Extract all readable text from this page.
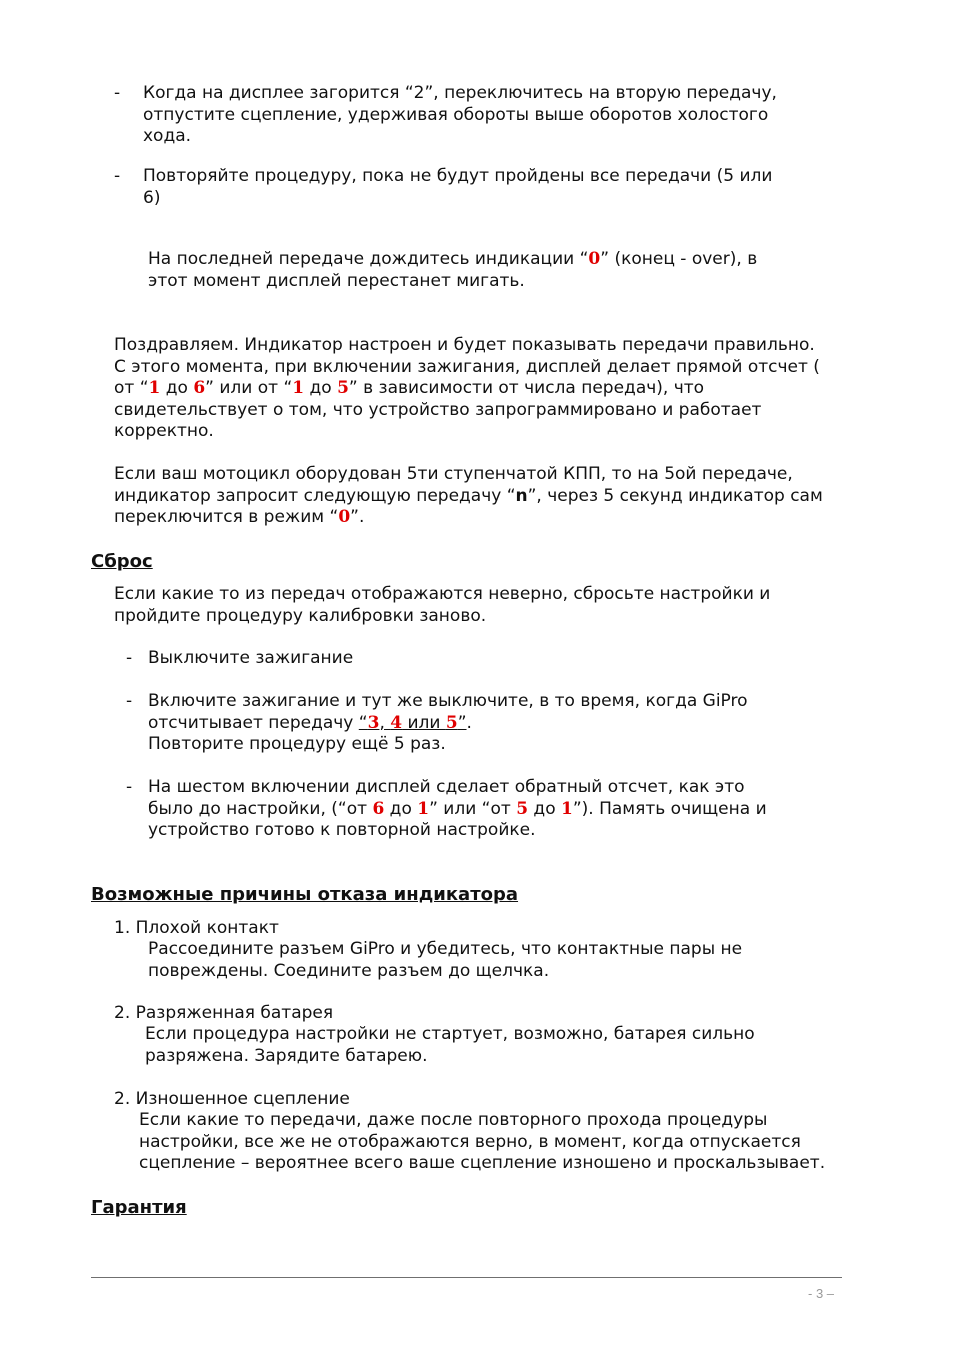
- Когда на дисплее загорится “2”, переключитесь на вторую передачу,
отпустите сцепление, удерживая обороты выше оборотов холостого
хода.
- Повторяйте процедуру, пока не будут пройдены все передачи (5 или
6)
На последней передаче дождитесь индикации “0” (конец - over), в
этот момент дисплей перестанет мигать.
Поздравляем. Индикатор настроен и будет показывать передачи правильно.
С этого момента, при включении зажигания, дисплей делает прямой отсчет (
от “1 до 6” или от “1 до 5” в зависимости от числа передач), что
свидетельствует о том, что устройство запрограммировано и работает
корректно.
Если ваш мотоцикл оборудован 5ти ступенчатой КПП, то на 5ой передаче,
индикатор запросит следующую передачу “n”, через 5 секунд индикатор сам
переключится в режим “0”.
Сброс
Если какие то из передач отображаются неверно, сбросьте настройки и
пройдите процедуру калибровки заново.
- Выключите зажигание
- Включите зажигание и тут же выключите, в то время, когда GiPro
отсчитывает передачу “3, 4 или 5”.
Повторите процедуру ещё 5 раз.
- На шестом включении дисплей сделает обратный отсчет, как это
было до настройки, (“от 6 до 1” или “от 5 до 1”). Память очищена и
устройство готово к повторной настройке.
Возможные причины отказа индикатора
1. Плохой контакт
Рассоедините разъем GiPro и убедитесь, что контактные пары не
повреждены. Соедините разъем до щелчка.
2. Разряженная батарея
Если процедура настройки не стартует, возможно, батарея сильно
разряжена. Зарядите батарею.
2. Изношенное сцепление
Если какие то передачи, даже после повторного прохода процедуры
настройки, все же не отображаются верно, в момент, когда отпускается
сцепление – вероятнее всего ваше сцепление изношено и проскальзывает.
Гарантия
- 3 –
